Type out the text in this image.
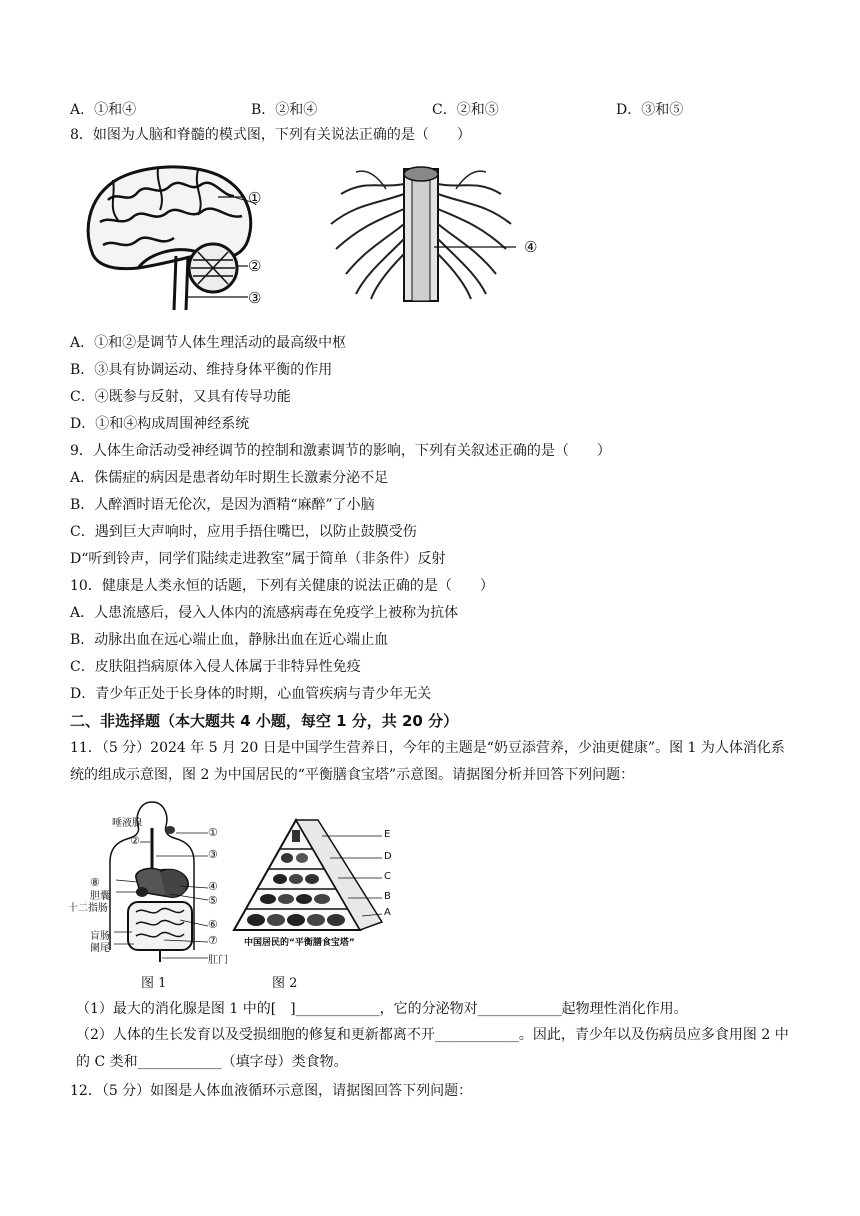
A．①和④	B．②和④	C．②和⑤	D．③和⑤
8．如图为人脑和脊髓的模式图，下列有关说法正确的是（　　）
①
②
③
④
A．①和②是调节人体生理活动的最高级中枢
B．③具有协调运动、维持身体平衡的作用
C．④既参与反射，又具有传导功能
D．①和④构成周围神经系统
9．人体生命活动受神经调节的控制和激素调节的影响，下列有关叙述正确的是（　　）
A．侏儒症的病因是患者幼年时期生长激素分泌不足
B．人醉酒时语无伦次，是因为酒精“麻醉”了小脑
C．遇到巨大声响时，应用手捂住嘴巴，以防止鼓膜受伤
D“听到铃声，同学们陆续走进教室”属于简单（非条件）反射
10．健康是人类永恒的话题，下列有关健康的说法正确的是（　　）
A．人患流感后，侵入人体内的流感病毒在免疫学上被称为抗体
B．动脉出血在远心端止血，静脉出血在近心端止血
C．皮肤阻挡病原体入侵人体属于非特异性免疫
D．青少年正处于长身体的时期，心血管疾病与青少年无关
二、非选择题（本大题共 4 小题，每空 1 分，共 20 分）
11．（5 分）2024 年 5 月 20 日是中国学生营养日，今年的主题是“奶豆添营养，少油更健康”。图 1 为人体消化系统的组成示意图，图 2 为中国居民的“平衡膳食宝塔”示意图。请据图分析并回答下列问题：
唾液腺
①
②
③
⑧	④
胆囊	⑤
十二指肠
⑥
盲肠	⑦
阑尾
肛门
E
D
C
B
A
中国居民的“平衡膳食宝塔”
图 1	图 2
（1）最大的消化腺是图 1 中的[　]____________，它的分泌物对____________起物理性消化作用。
（2）人体的生长发育以及受损细胞的修复和更新都离不开____________。因此，青少年以及伤病员应多食用图 2 中的 C 类和____________（填字母）类食物。
12．（5 分）如图是人体血液循环示意图，请据图回答下列问题：
